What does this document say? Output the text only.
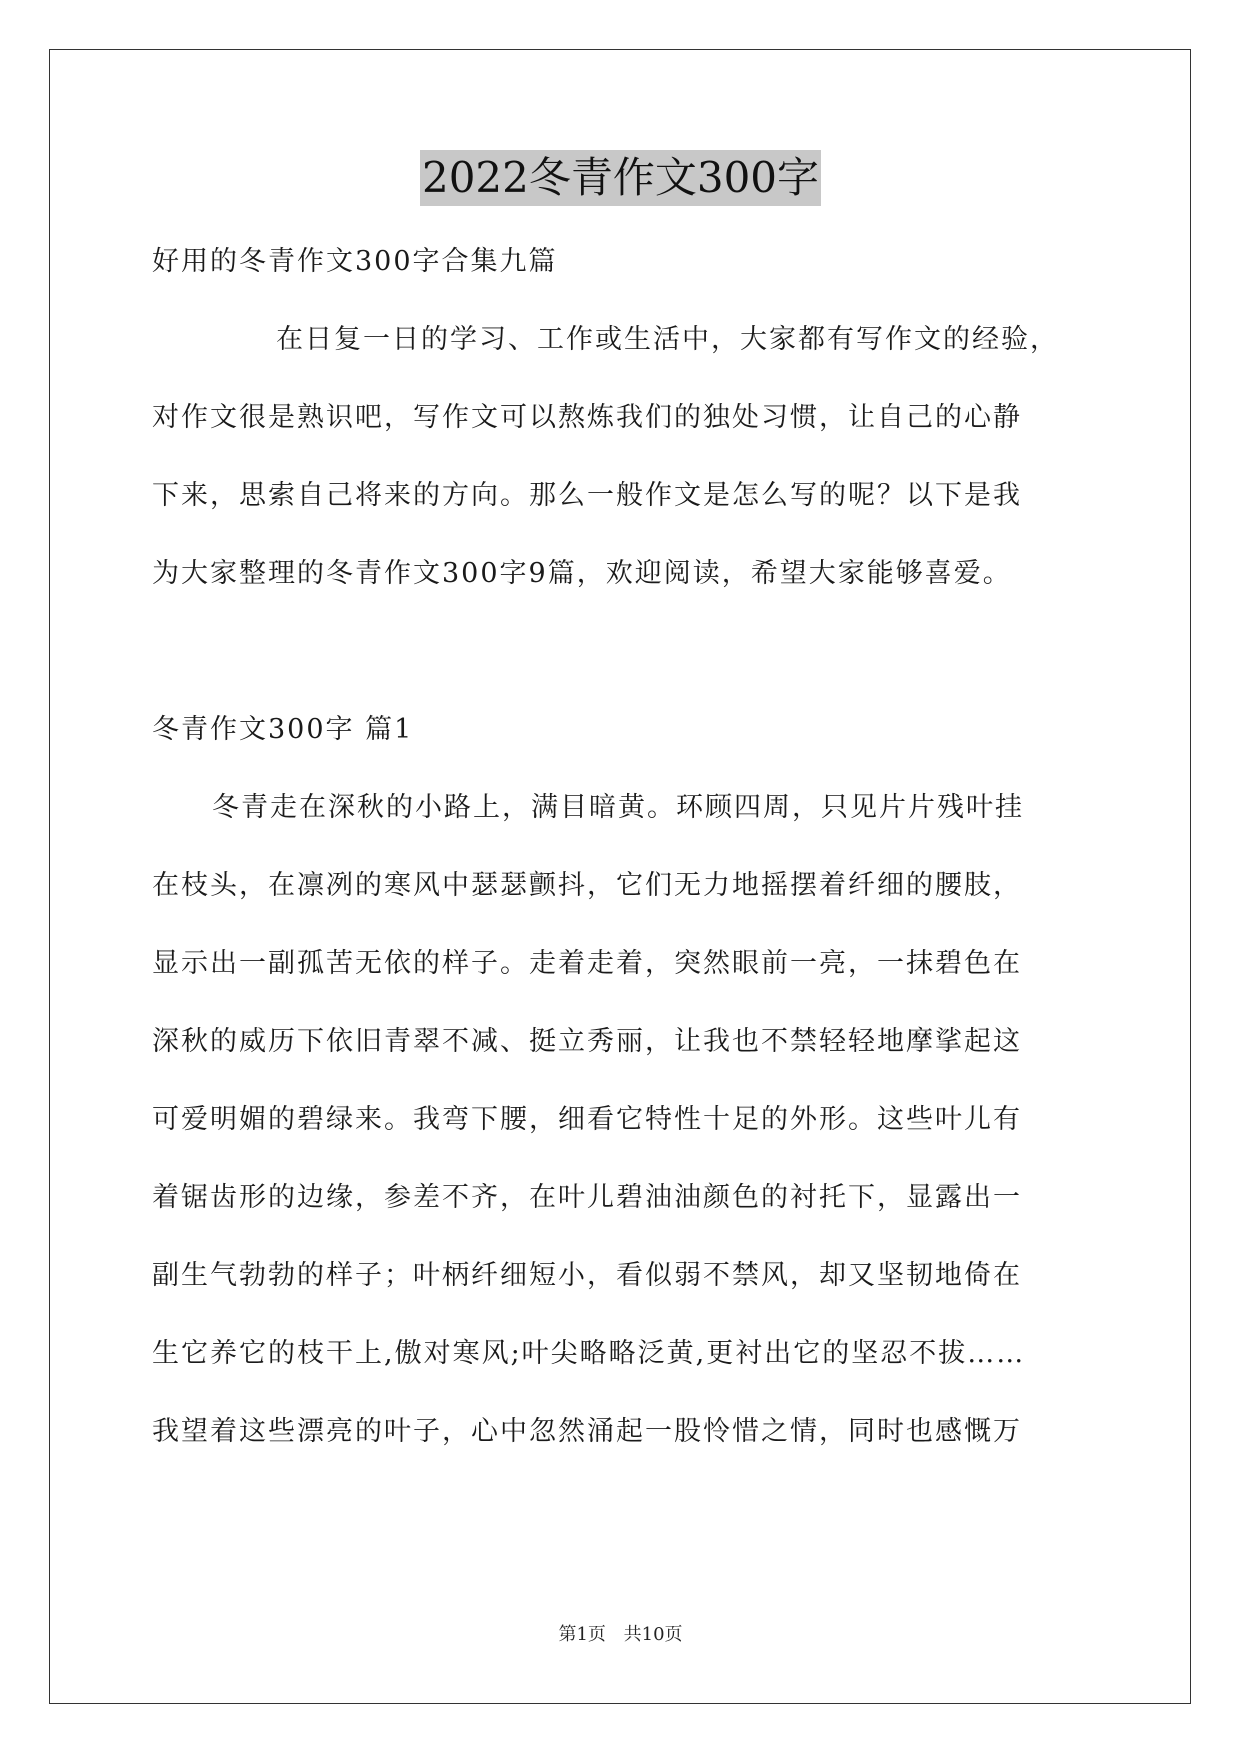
2022冬青作文300字
好用的冬青作文300字合集九篇
在日复一日的学习、工作或生活中，大家都有写作文的经验，
对作文很是熟识吧，写作文可以熬炼我们的独处习惯，让自己的心静
下来，思索自己将来的方向。那么一般作文是怎么写的呢？以下是我
为大家整理的冬青作文300字9篇，欢迎阅读，希望大家能够喜爱。
冬青作文300字 篇1
冬青走在深秋的小路上，满目暗黄。环顾四周，只见片片残叶挂
在枝头，在凛冽的寒风中瑟瑟颤抖，它们无力地摇摆着纤细的腰肢，
显示出一副孤苦无依的样子。走着走着，突然眼前一亮，一抹碧色在
深秋的威历下依旧青翠不减、挺立秀丽，让我也不禁轻轻地摩挲起这
可爱明媚的碧绿来。我弯下腰，细看它特性十足的外形。这些叶儿有
着锯齿形的边缘，参差不齐，在叶儿碧油油颜色的衬托下，显露出一
副生气勃勃的样子；叶柄纤细短小，看似弱不禁风，却又坚韧地倚在
生它养它的枝干上,傲对寒风;叶尖略略泛黄,更衬出它的坚忍不拔……
我望着这些漂亮的叶子，心中忽然涌起一股怜惜之情，同时也感慨万
第1页 共10页
